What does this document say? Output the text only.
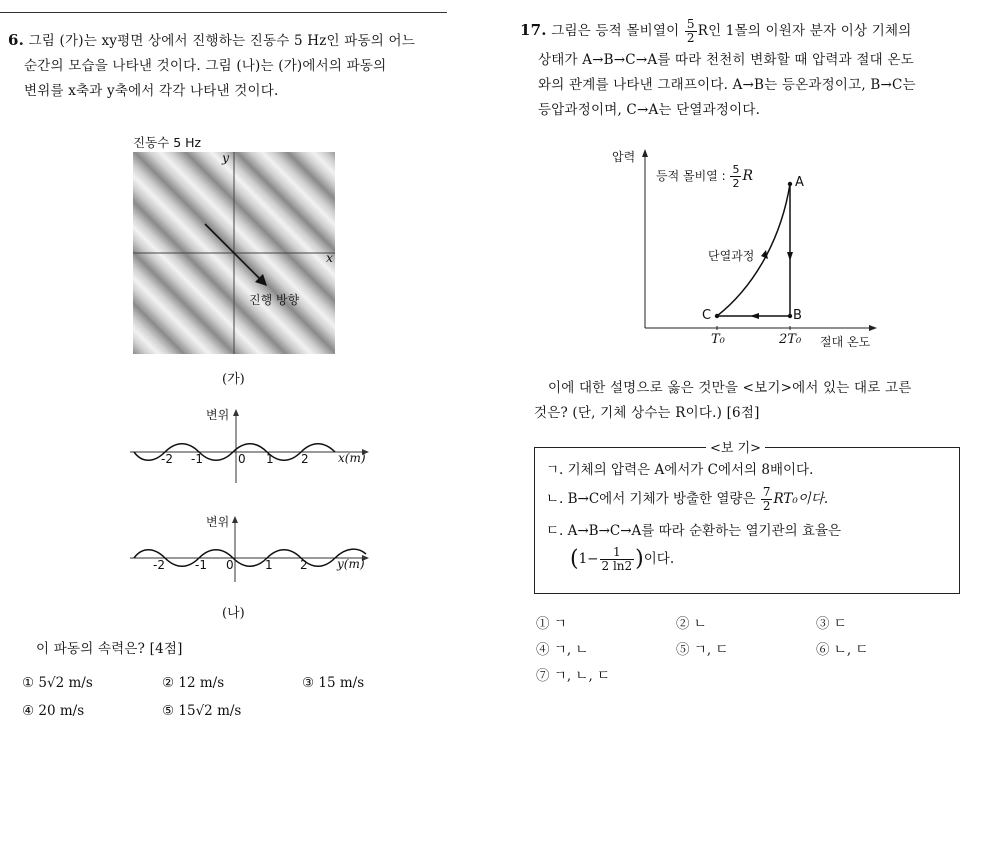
6. 그림 (가)는 xy평면 상에서 진행하는 진동수 5 Hz인 파동의 어느
순간의 모습을 나타낸 것이다. 그림 (나)는 (가)에서의 파동의
변위를 x축과 y축에서 각각 나타낸 것이다.
진동수 5 Hz
y
x
진행 방향
(가)
변위
-2 -1	0 1 2 x(m)
변위
-2	-1 0	1 2 y(m)
(나)
이 파동의 속력은? [4점]
① 5√2 m/s	② 12 m/s	③ 15 m/s
④ 20 m/s	⑤ 15√2 m/s
17. 그림은 등적 몰비열이 $\frac{5}{2}$ R인 1몰의 이원자 분자 이상 기체의
상태가 A→B→C→A를 따라 천천히 변화할 때 압력과 절대 온도
와의 관계를 나타낸 그래프이다. A→B는 등온과정이고, B→C는
등압과정이며, C→A는 단열과정이다.
압력
등적 몰비열 : $\frac{5}{2}$ R	A
B
C
단열과정
T₀	2T₀ 절대 온도
이에 대한 설명으로 옳은 것만을 <보기>에서 있는 대로 고른
것은? (단, 기체 상수는 R이다.) [6점]
<보 기>
ㄱ. 기체의 압력은 A에서가 C에서의 8배이다.
ㄴ. B→C에서 기체가 방출한 열량은 $\frac{7}{2} RT_0$이다.
ㄷ. A→B→C→A를 따라 순환하는 열기관의 효율은
($1- \frac{1}{2 \ln 2}$ )이다.
① ㄱ	② ㄴ	③ ㄷ
④ ㄱ, ㄴ	⑤ ㄱ, ㄷ	⑥ ㄴ, ㄷ
⑦ ㄱ, ㄴ, ㄷ
